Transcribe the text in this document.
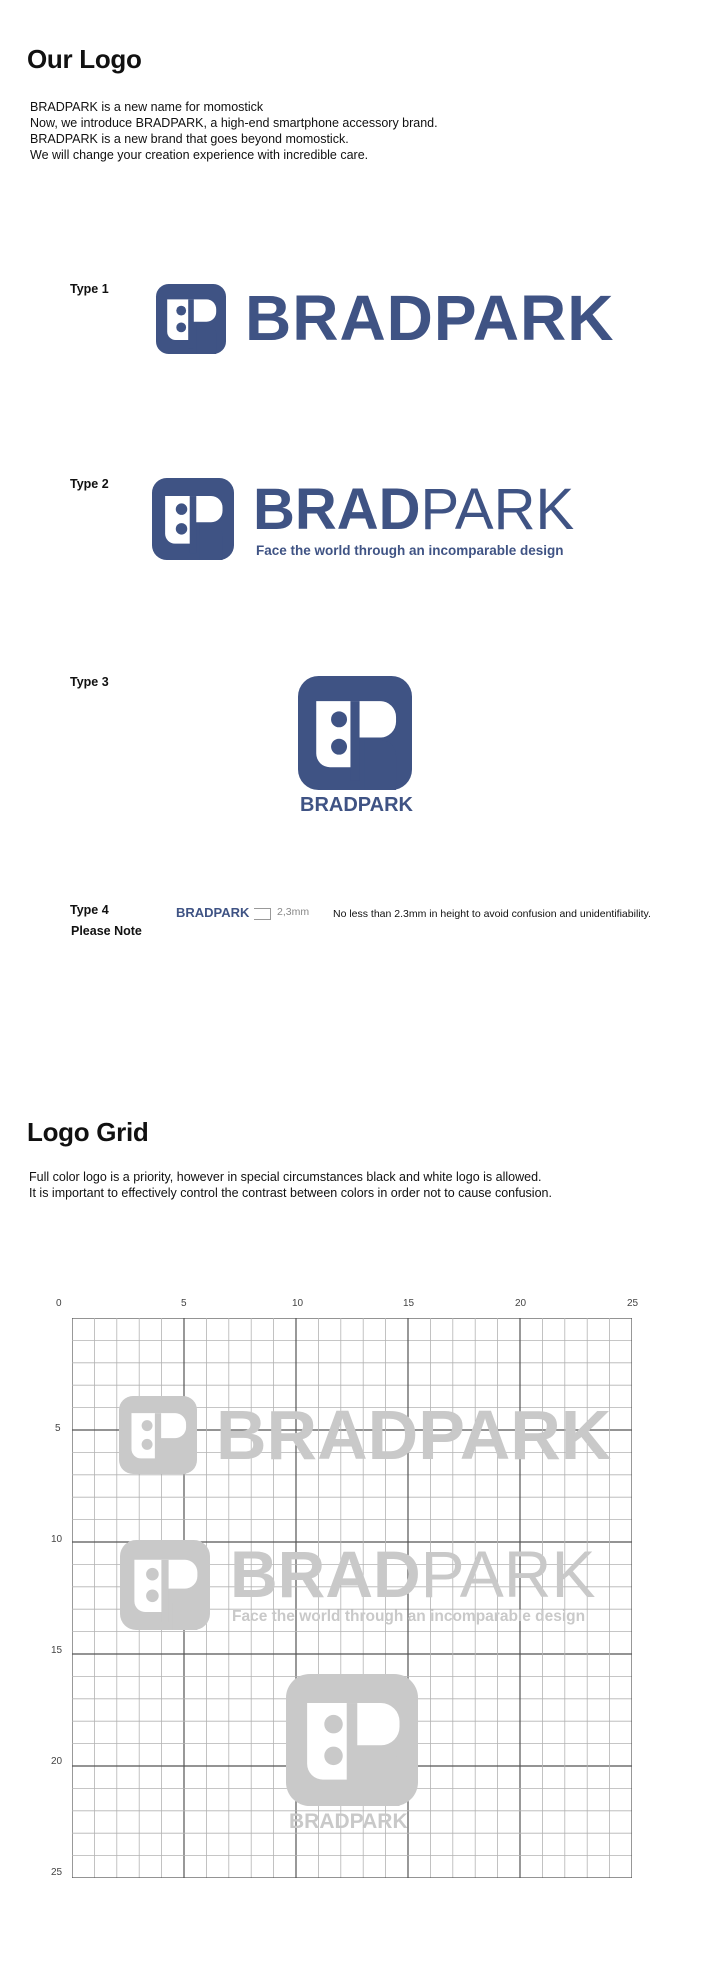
Our Logo
BRADPARK is a new name for momostick
Now, we introduce BRADPARK, a high-end smartphone accessory brand.
BRADPARK is a new brand that goes beyond momostick.
We will change your creation experience with incredible care.
Type 1 BRADPARK
Type 2 BRADPARK
Face the world through an incomparable design
Type 3
BRADPARK
Type 4
Please Note
BRADPARK	2,3mm No less than 2.3mm in height to avoid confusion and unidentifiability.
Logo Grid
Full color logo is a priority, however in special circumstances black and white logo is allowed.
It is important to effectively control the contrast between colors in order not to cause confusion.
0	5	10	15	20	25
5
10
15
20
25
BRADPARK
BRADPARK
Face the world through an incomparable design
BRADPARK
